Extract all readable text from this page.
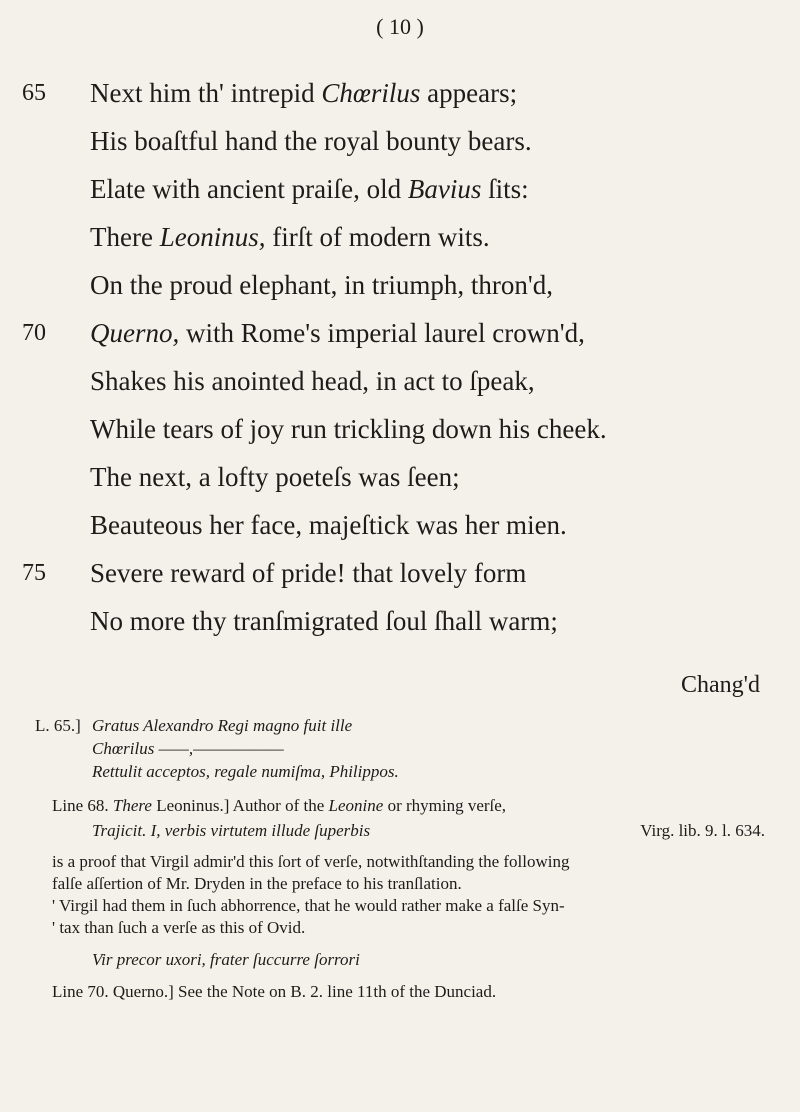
( 10 )
65 Next him th' intrepid Chœrilus appears;
His boaſtful hand the royal bounty bears.
Elate with ancient praiſe, old Bavius ſits:
There Leoninus, firſt of modern wits.
On the proud elephant, in triumph, thron'd,
70 Querno, with Rome's imperial laurel crown'd,
Shakes his anointed head, in act to ſpeak,
While tears of joy run trickling down his cheek.
The next, a lofty poeteſs was ſeen;
Beauteous her face, majeſtick was her mien.
75 Severe reward of pride! that lovely form
No more thy tranſmigrated ſoul ſhall warm;
Chang'd
L. 65.] Gratus Alexandro Regi magno fuit ille
Chœrilus ——,——————
Rettulit acceptos, regale numiſma, Philippos.
Line 68. There Leoninus.] Author of the Leonine or rhyming verſe,
Trajicit. I, verbis virtutem illude ſuperbis	Virg. lib. 9. l. 634.
is a proof that Virgil admir'd this ſort of verſe, notwithſtanding the following
falſe aſſertion of Mr. Dryden in the preface to his tranſlation.
' Virgil had them in ſuch abhorrence, that he would rather make a falſe Syn-
' tax than ſuch a verſe as this of Ovid.
Vir precor uxori, frater ſuccurre ſorrori
Line 70. Querno.] See the Note on B. 2. line 11th of the Dunciad.
